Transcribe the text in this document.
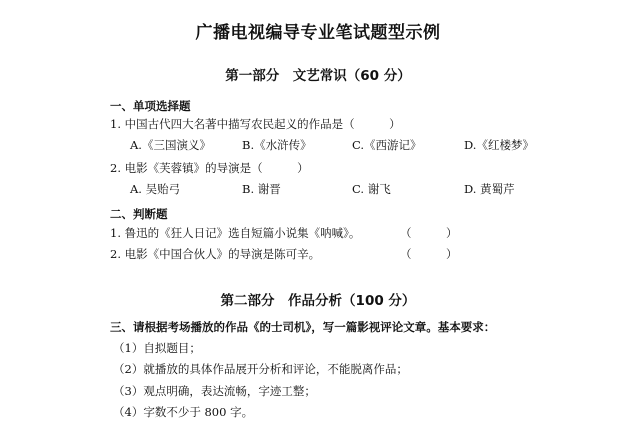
广播电视编导专业笔试题型示例
第一部分　文艺常识（60 分）
一、单项选择题
1. 中国古代四大名著中描写农民起义的作品是（　　　）
A.《三国演义》	B.《水浒传》	C.《西游记》	D.《红楼梦》
2. 电影《芙蓉镇》的导演是（　　　）
A. 吴贻弓	B. 谢晋	C. 谢飞	D. 黄蜀芹
二、判断题
1. 鲁迅的《狂人日记》选自短篇小说集《呐喊》。	（　　　）
2. 电影《中国合伙人》的导演是陈可辛。	（　　　）
第二部分　作品分析（100 分）
三、请根据考场播放的作品《的士司机》，写一篇影视评论文章。基本要求：
（1）自拟题目；
（2）就播放的具体作品展开分析和评论，不能脱离作品；
（3）观点明确，表达流畅，字迹工整；
（4）字数不少于 800 字。
